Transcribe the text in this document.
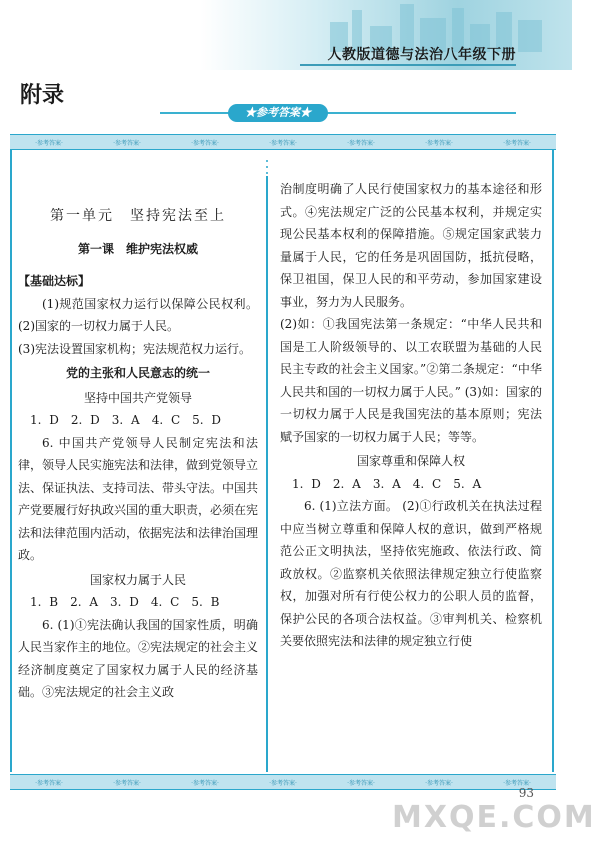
人教版道德与法治八年级下册
附录
★参考答案★
·参考答案·	·参考答案·	·参考答案·	·参考答案·	·参考答案·	·参考答案·	·参考答案·
第一单元　坚持宪法至上
第一课　维护宪法权威
【基础达标】

(1)规范国家权力运行以保障公民权利。 (2)国家的一切权力属于人民。

(3)宪法设置国家机构；宪法规范权力运行。

党的主张和人民意志的统一
坚持中国共产党领导

1. D　2. D　3. A　4. C　5. D

6. 中国共产党领导人民制定宪法和法律，领导人民实施宪法和法律，做到党领导立法、保证执法、支持司法、带头守法。中国共产党要履行好执政兴国的重大职责，必须在宪法和法律范围内活动，依据宪法和法律治国理政。

国家权力属于人民

1. B　2. A　3. D　4. C　5. B

6. (1)①宪法确认我国的国家性质，明确人民当家作主的地位。②宪法规定的社会主义经济制度奠定了国家权力属于人民的经济基础。③宪法规定的社会主义政

治制度明确了人民行使国家权力的基本途径和形式。④宪法规定广泛的公民基本权利，并规定实现公民基本权利的保障措施。⑤规定国家武装力量属于人民，它的任务是巩固国防，抵抗侵略，保卫祖国，保卫人民的和平劳动，参加国家建设事业，努力为人民服务。

(2)如：①我国宪法第一条规定：“中华人民共和国是工人阶级领导的、以工农联盟为基础的人民民主专政的社会主义国家。”②第二条规定：“中华人民共和国的一切权力属于人民。” (3)如：国家的一切权力属于人民是我国宪法的基本原则；宪法赋予国家的一切权力属于人民；等等。

国家尊重和保障人权

1. D　2. A　3. A　4. C　5. A

6. (1)立法方面。 (2)①行政机关在执法过程中应当树立尊重和保障人权的意识，做到严格规范公正文明执法，坚持依宪施政、依法行政、简政放权。②监察机关依照法律规定独立行使监察权，加强对所有行使公权力的公职人员的监督，保护公民的各项合法权益。③审判机关、检察机关要依照宪法和法律的规定独立行使

·参考答案·	·参考答案·	·参考答案·	·参考答案·	·参考答案·	·参考答案·	·参考答案·
93
MXQE.COM
